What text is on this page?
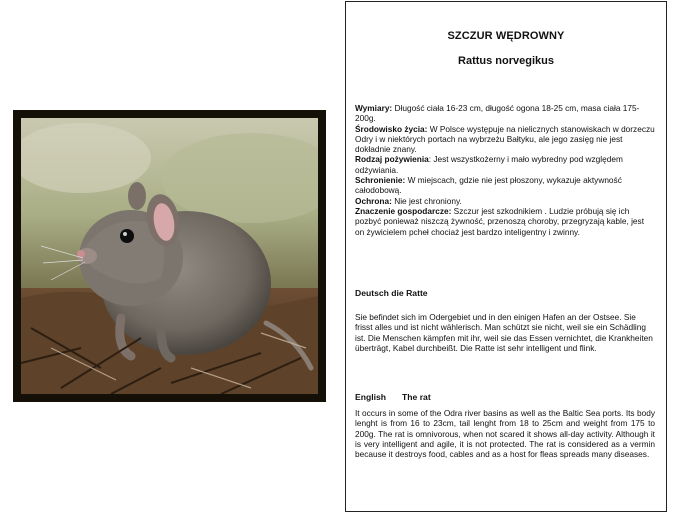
SZCZUR WĘDROWNY
Rattus norvegikus

Wymiary: Długość ciała 16-23 cm, długość ogona 18-25 cm, masa ciała 175-200g.

Środowisko życia: W Polsce występuje na nielicznych stanowiskach w dorzeczu Odry i w niektórych portach na wybrzeżu Bałtyku, ale jego zasięg nie jest dokładnie znany.

Rodzaj pożywienia: Jest wszystkożerny i mało wybredny pod względem odżywiania.

Schronienie: W miejscach, gdzie nie jest płoszony, wykazuje aktywność całodobową.

Ochrona: Nie jest chroniony.

Znaczenie gospodarcze: Szczur jest szkodnikiem . Ludzie próbują się ich pozbyć ponieważ niszczą żywność, przenoszą choroby, przegryzają kable, jest on żywicielem pcheł chociaż jest bardzo inteligentny i zwinny.

Deutsch die Ratte
Sie befindet sich im Odergebiet und in den einigen Hafen an der Ostsee. Sie frisst alles und ist nicht wählerisch. Man schützt sie nicht, weil sie ein Schädling ist. Die Menschen kämpfen mit ihr, weil sie das Essen vernichtet, die Krankheiten überträgt, Kabel durchbeißt. Die Ratte ist sehr intelligent und flink.
English The rat
It occurs in some of the Odra river basins as well as the Baltic Sea ports. Its body lenght is from 16 to 23cm, tail lenght from 18 to 25cm and weight from 175 to 200g. The rat is omnivorous, when not scared it shows all-day activity. Although it is very intelligent and agile, it is not protected. The rat is considered as a vermin because it destroys food, cables and as a host for fleas spreads many diseases.
